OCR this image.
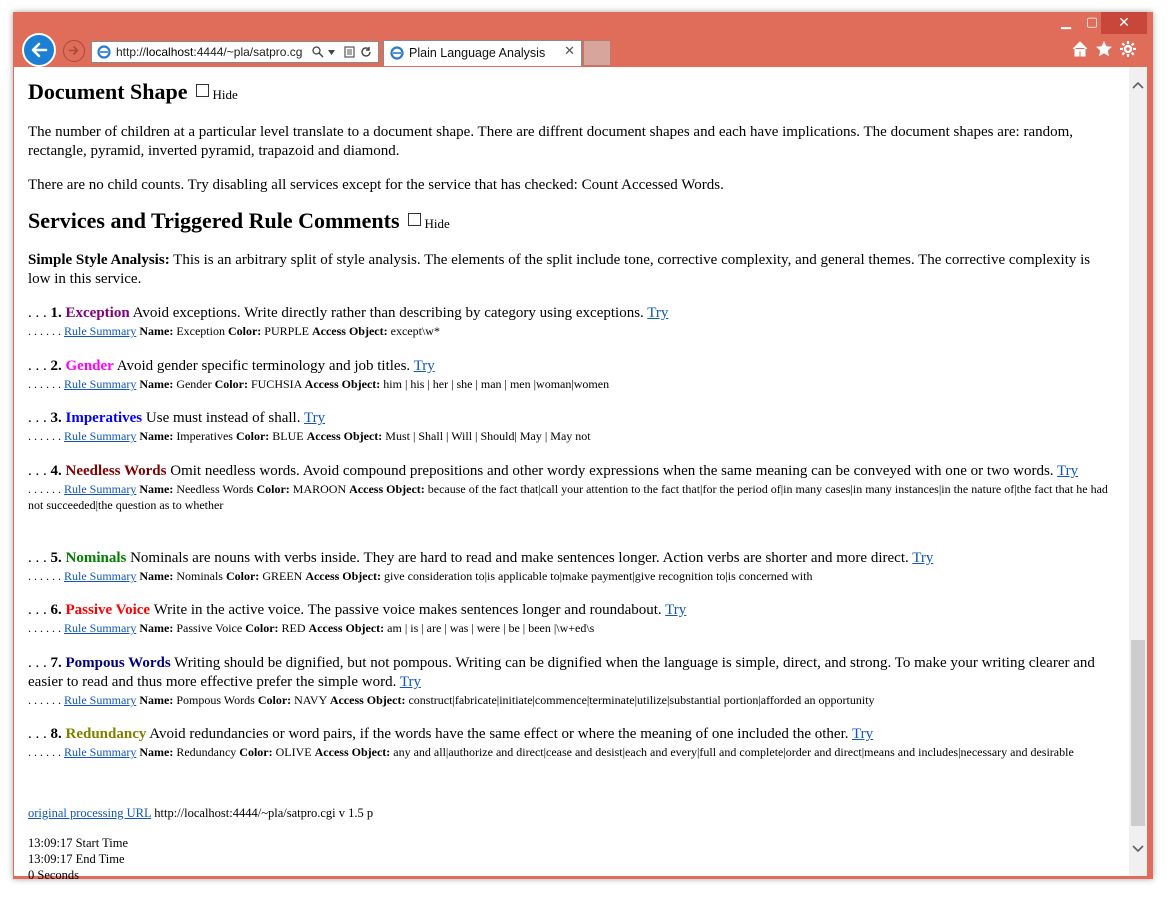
▁	▢	✕
http://localhost:4444/~pla/satpro.cg	Plain Language Analysis ✕
Document Shape Hide
The number of children at a particular level translate to a document shape. There are diffrent document shapes and each have implications. The document shapes are: random, rectangle, pyramid, inverted pyramid, trapazoid and diamond.
There are no child counts. Try disabling all services except for the service that has checked: Count Accessed Words.
Services and Triggered Rule Comments Hide
Simple Style Analysis: This is an arbitrary split of style analysis. The elements of the split include tone, corrective complexity, and general themes. The corrective complexity is low in this service.
. . . 1. Exception Avoid exceptions. Write directly rather than describing by category using exceptions. Try
. . . . . . Rule Summary Name: Exception Color: PURPLE Access Object: except\w*
. . . 2. Gender Avoid gender specific terminology and job titles. Try
. . . . . . Rule Summary Name: Gender Color: FUCHSIA Access Object: him | his | her | she | man | men |woman|women
. . . 3. Imperatives Use must instead of shall. Try
. . . . . . Rule Summary Name: Imperatives Color: BLUE Access Object: Must | Shall | Will | Should| May | May not
. . . 4. Needless Words Omit needless words. Avoid compound prepositions and other wordy expressions when the same meaning can be conveyed with one or two words. Try
. . . . . . Rule Summary Name: Needless Words Color: MAROON Access Object: because of the fact that|call your attention to the fact that|for the period of|in many cases|in many instances|in the nature of|the fact that he had not succeeded|the question as to whether
. . . 5. Nominals Nominals are nouns with verbs inside. They are hard to read and make sentences longer. Action verbs are shorter and more direct. Try
. . . . . . Rule Summary Name: Nominals Color: GREEN Access Object: give consideration to|is applicable to|make payment|give recognition to|is concerned with
. . . 6. Passive Voice Write in the active voice. The passive voice makes sentences longer and roundabout. Try
. . . . . . Rule Summary Name: Passive Voice Color: RED Access Object: am | is | are | was | were | be | been |\w+ed\s
. . . 7. Pompous Words Writing should be dignified, but not pompous. Writing can be dignified when the language is simple, direct, and strong. To make your writing clearer and easier to read and thus more effective prefer the simple word. Try
. . . . . . Rule Summary Name: Pompous Words Color: NAVY Access Object: construct|fabricate|initiate|commence|terminate|utilize|substantial portion|afforded an opportunity
. . . 8. Redundancy Avoid redundancies or word pairs, if the words have the same effect or where the meaning of one included the other. Try
. . . . . . Rule Summary Name: Redundancy Color: OLIVE Access Object: any and all|authorize and direct|cease and desist|each and every|full and complete|order and direct|means and includes|necessary and desirable
original processing URL http://localhost:4444/~pla/satpro.cgi v 1.5 p
13:09:17 Start Time
13:09:17 End Time
0 Seconds
